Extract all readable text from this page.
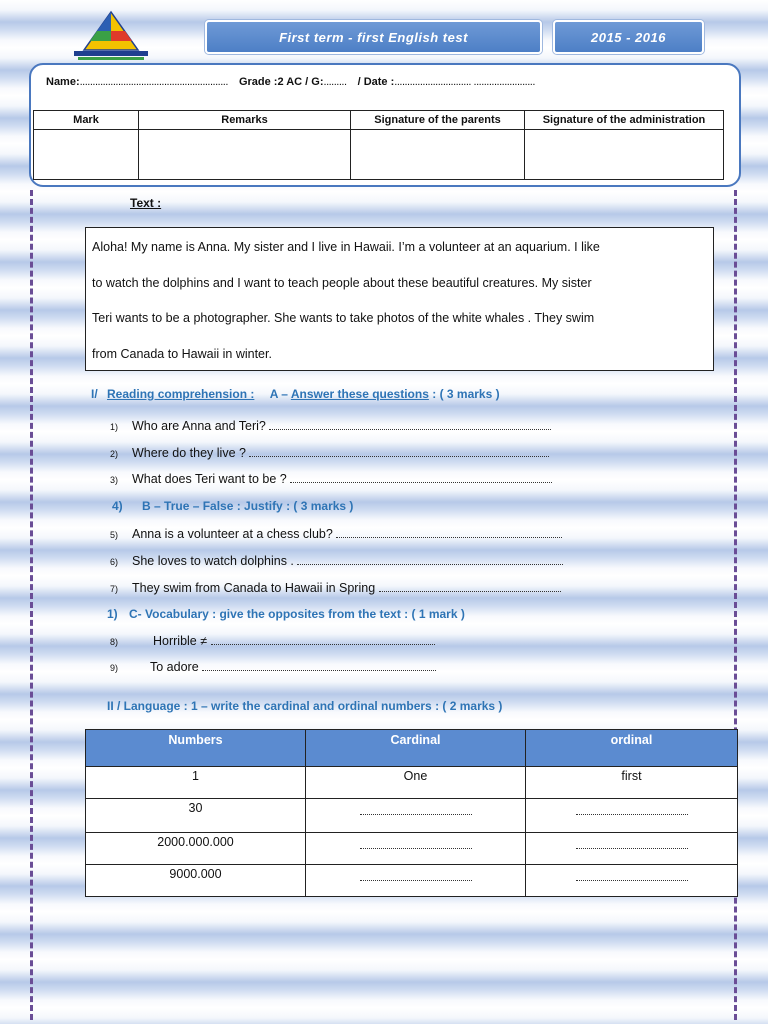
First term - first English test	2015 - 2016
Name:.......................................................... Grade :2 AC / G:......... / Date :.............................. ........................
Mark	Remarks	Signature of the parents	Signature of the administration

Text :
Aloha! My name is Anna. My sister and I live in Hawaii. I’m a volunteer at an aquarium. I like
to watch the dolphins and I want to teach people about these beautiful creatures. My sister
Teri wants to be a photographer. She wants to take photos of the white whales . They swim
from Canada to Hawaii in winter.
I/ Reading comprehension : A – Answer these questions : ( 3 marks )
1) Who are Anna and Teri?
2) Where do they live ?
3) What does Teri want to be ?
4) B – True – False : Justify : ( 3 marks )
5) Anna is a volunteer at a chess club?
6) She loves to watch dolphins .
7) They swim from Canada to Hawaii in Spring
1) C- Vocabulary : give the opposites from the text : ( 1 mark )
8)	Horrible ≠
9)	To adore
II / Language : 1 – write the cardinal and ordinal numbers : ( 2 marks )
Numbers	Cardinal	ordinal
1	One	first
30		
2000.000.000		
9000.000		
